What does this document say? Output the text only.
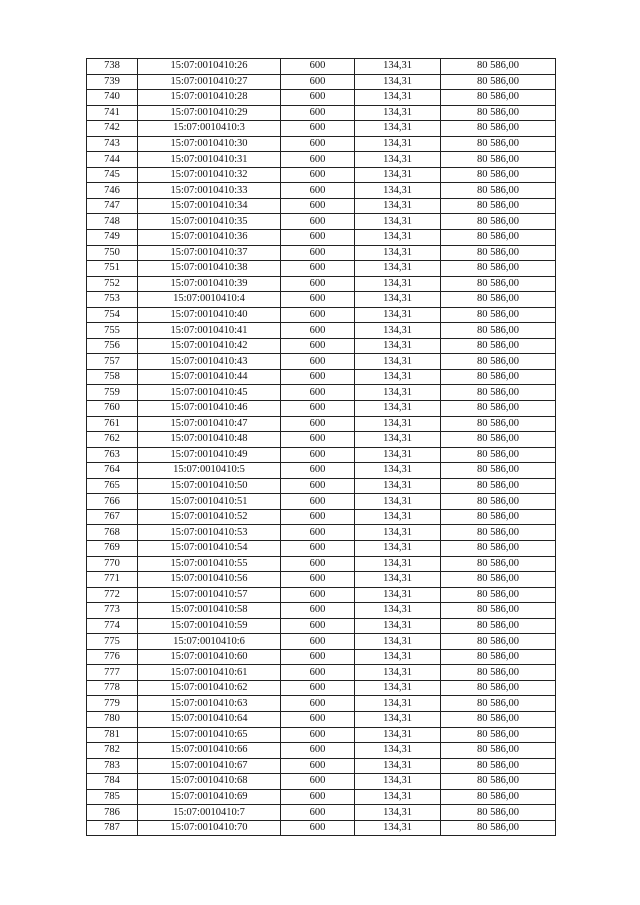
738	15:07:0010410:26	600	134,31	80 586,00
739	15:07:0010410:27	600	134,31	80 586,00
740	15:07:0010410:28	600	134,31	80 586,00
741	15:07:0010410:29	600	134,31	80 586,00
742	15:07:0010410:3	600	134,31	80 586,00
743	15:07:0010410:30	600	134,31	80 586,00
744	15:07:0010410:31	600	134,31	80 586,00
745	15:07:0010410:32	600	134,31	80 586,00
746	15:07:0010410:33	600	134,31	80 586,00
747	15:07:0010410:34	600	134,31	80 586,00
748	15:07:0010410:35	600	134,31	80 586,00
749	15:07:0010410:36	600	134,31	80 586,00
750	15:07:0010410:37	600	134,31	80 586,00
751	15:07:0010410:38	600	134,31	80 586,00
752	15:07:0010410:39	600	134,31	80 586,00
753	15:07:0010410:4	600	134,31	80 586,00
754	15:07:0010410:40	600	134,31	80 586,00
755	15:07:0010410:41	600	134,31	80 586,00
756	15:07:0010410:42	600	134,31	80 586,00
757	15:07:0010410:43	600	134,31	80 586,00
758	15:07:0010410:44	600	134,31	80 586,00
759	15:07:0010410:45	600	134,31	80 586,00
760	15:07:0010410:46	600	134,31	80 586,00
761	15:07:0010410:47	600	134,31	80 586,00
762	15:07:0010410:48	600	134,31	80 586,00
763	15:07:0010410:49	600	134,31	80 586,00
764	15:07:0010410:5	600	134,31	80 586,00
765	15:07:0010410:50	600	134,31	80 586,00
766	15:07:0010410:51	600	134,31	80 586,00
767	15:07:0010410:52	600	134,31	80 586,00
768	15:07:0010410:53	600	134,31	80 586,00
769	15:07:0010410:54	600	134,31	80 586,00
770	15:07:0010410:55	600	134,31	80 586,00
771	15:07:0010410:56	600	134,31	80 586,00
772	15:07:0010410:57	600	134,31	80 586,00
773	15:07:0010410:58	600	134,31	80 586,00
774	15:07:0010410:59	600	134,31	80 586,00
775	15:07:0010410:6	600	134,31	80 586,00
776	15:07:0010410:60	600	134,31	80 586,00
777	15:07:0010410:61	600	134,31	80 586,00
778	15:07:0010410:62	600	134,31	80 586,00
779	15:07:0010410:63	600	134,31	80 586,00
780	15:07:0010410:64	600	134,31	80 586,00
781	15:07:0010410:65	600	134,31	80 586,00
782	15:07:0010410:66	600	134,31	80 586,00
783	15:07:0010410:67	600	134,31	80 586,00
784	15:07:0010410:68	600	134,31	80 586,00
785	15:07:0010410:69	600	134,31	80 586,00
786	15:07:0010410:7	600	134,31	80 586,00
787	15:07:0010410:70	600	134,31	80 586,00
